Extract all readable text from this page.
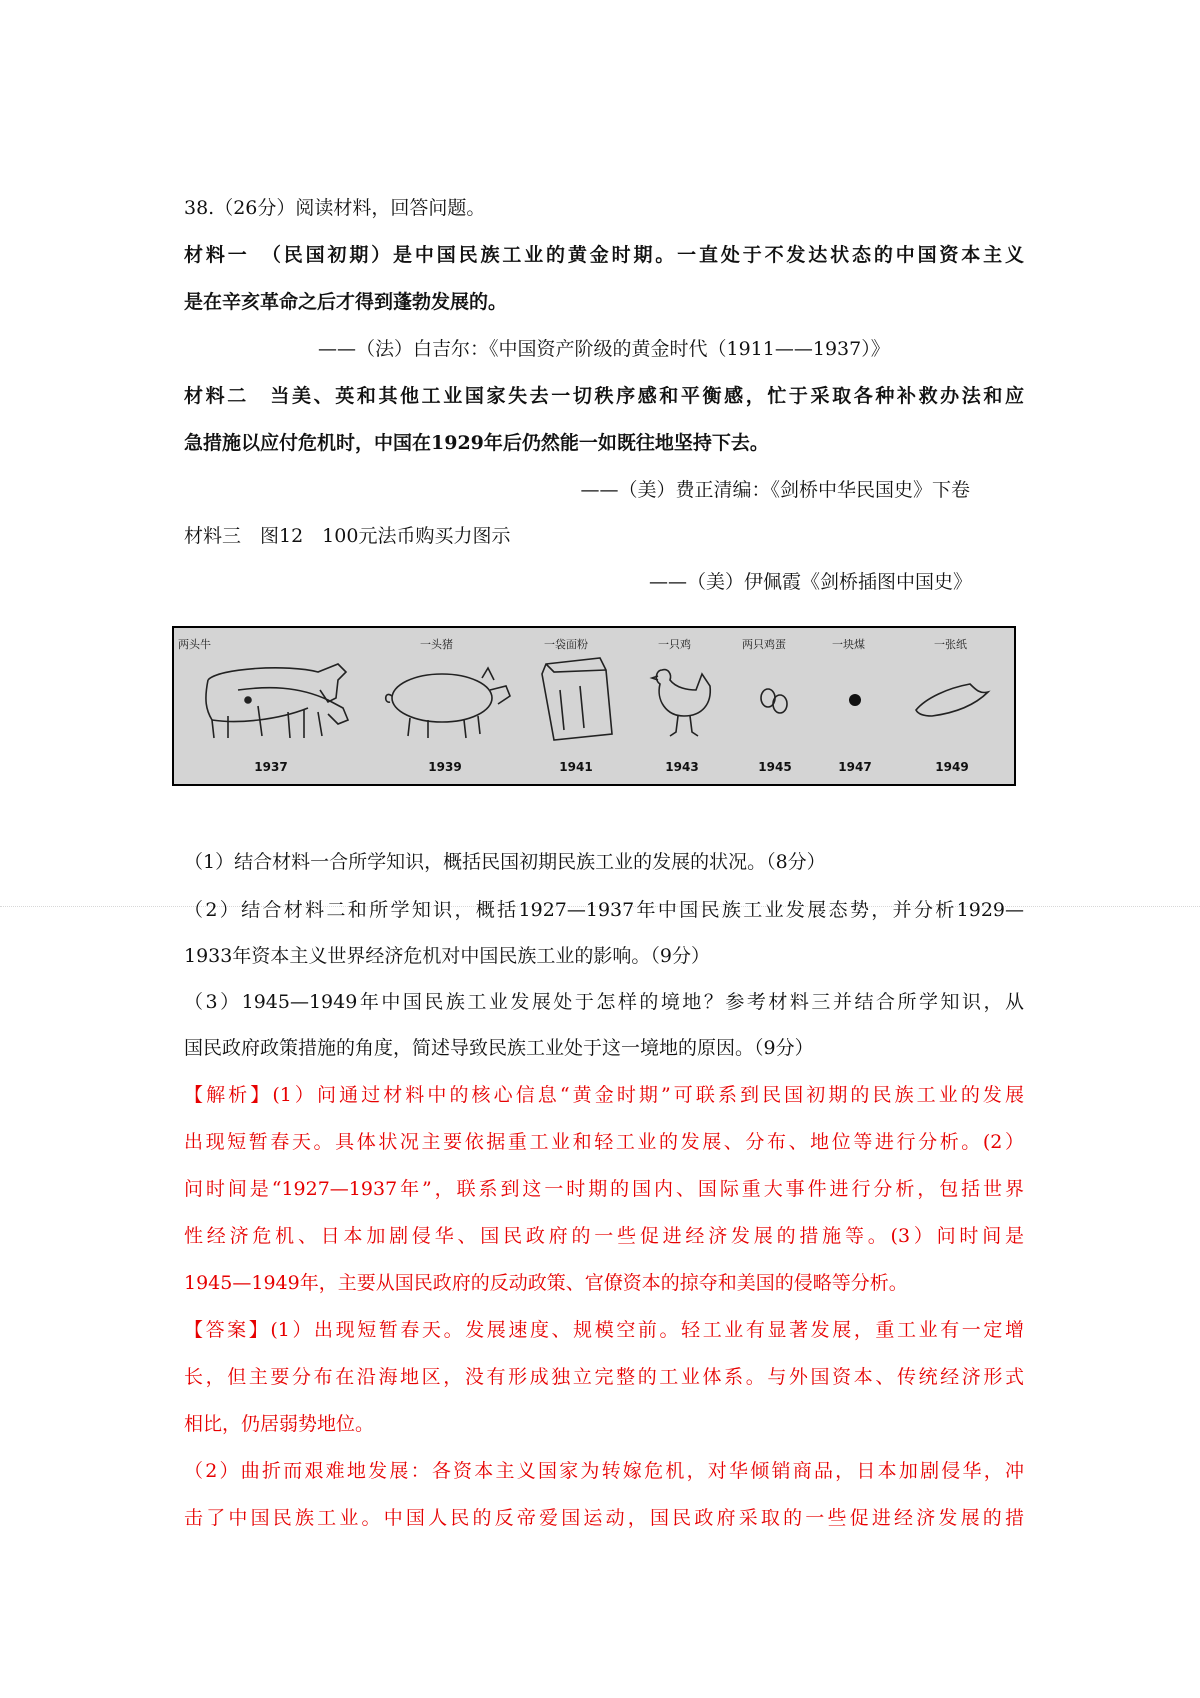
38.（26分）阅读材料，回答问题。
材料一　（民国初期）是中国民族工业的黄金时期。一直处于不发达状态的中国资本主义
是在辛亥革命之后才得到蓬勃发展的。
——（法）白吉尔：《中国资产阶级的黄金时代（1911——1937）》
材料二　当美、英和其他工业国家失去一切秩序感和平衡感，忙于采取各种补救办法和应
急措施以应付危机时，中国在1929年后仍然能一如既往地坚持下去。
——（美）费正清编：《剑桥中华民国史》下卷
材料三　图12　100元法币购买力图示
——（美）伊佩霞《剑桥插图中国史》
两头牛
1937
一头猪
1939
一袋面粉
1941
一只鸡
1943
两只鸡蛋
1945
一块煤
1947
一张纸
1949
（1）结合材料一合所学知识，概括民国初期民族工业的发展的状况。（8分）
（2）结合材料二和所学知识，概括1927—1937年中国民族工业发展态势，并分析1929—
1933年资本主义世界经济危机对中国民族工业的影响。（9分）
（3）1945—1949年中国民族工业发展处于怎样的境地？参考材料三并结合所学知识，从
国民政府政策措施的角度，简述导致民族工业处于这一境地的原因。（9分）
【解析】(1）问通过材料中的核心信息“黄金时期”可联系到民国初期的民族工业的发展
出现短暂春天。具体状况主要依据重工业和轻工业的发展、分布、地位等进行分析。(2）
问时间是“1927—1937年”，联系到这一时期的国内、国际重大事件进行分析，包括世界
性经济危机、日本加剧侵华、国民政府的一些促进经济发展的措施等。(3）问时间是
1945—1949年，主要从国民政府的反动政策、官僚资本的掠夺和美国的侵略等分析。
【答案】(1）出现短暂春天。发展速度、规模空前。轻工业有显著发展，重工业有一定增
长，但主要分布在沿海地区，没有形成独立完整的工业体系。与外国资本、传统经济形式
相比，仍居弱势地位。
（2）曲折而艰难地发展：各资本主义国家为转嫁危机，对华倾销商品，日本加剧侵华，冲
击了中国民族工业。中国人民的反帝爱国运动，国民政府采取的一些促进经济发展的措
